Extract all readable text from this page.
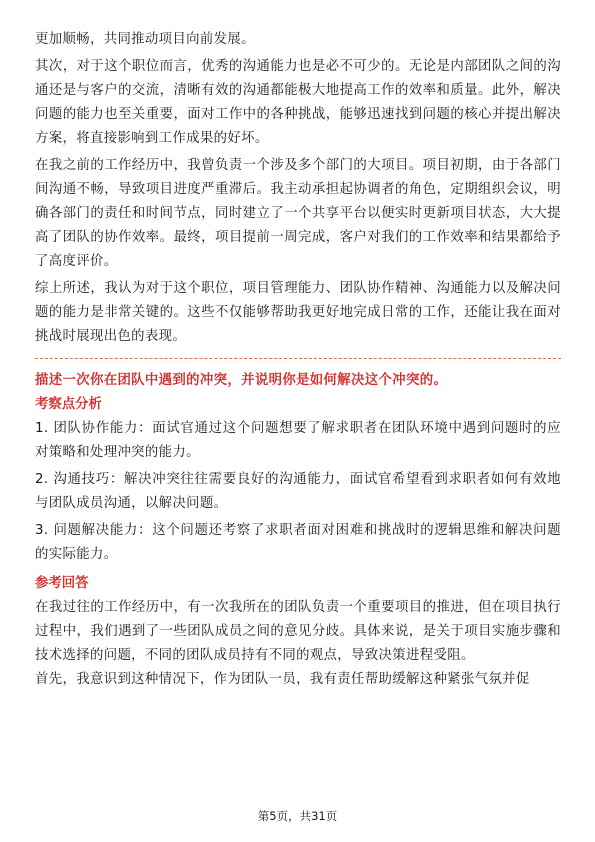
更加顺畅，共同推动项目向前发展。

其次，对于这个职位而言，优秀的沟通能力也是必不可少的。无论是内部团队之间的沟通还是与客户的交流，清晰有效的沟通都能极大地提高工作的效率和质量。此外，解决问题的能力也至关重要，面对工作中的各种挑战，能够迅速找到问题的核心并提出解决方案，将直接影响到工作成果的好坏。

在我之前的工作经历中，我曾负责一个涉及多个部门的大项目。项目初期，由于各部门间沟通不畅，导致项目进度严重滞后。我主动承担起协调者的角色，定期组织会议，明确各部门的责任和时间节点，同时建立了一个共享平台以便实时更新项目状态，大大提高了团队的协作效率。最终，项目提前一周完成，客户对我们的工作效率和结果都给予了高度评价。

综上所述，我认为对于这个职位，项目管理能力、团队协作精神、沟通能力以及解决问题的能力是非常关键的。这些不仅能够帮助我更好地完成日常的工作，还能让我在面对挑战时展现出色的表现。

描述一次你在团队中遇到的冲突，并说明你是如何解决这个冲突的。
考察点分析

1. 团队协作能力：面试官通过这个问题想要了解求职者在团队环境中遇到问题时的应对策略和处理冲突的能力。

2. 沟通技巧：解决冲突往往需要良好的沟通能力，面试官希望看到求职者如何有效地与团队成员沟通，以解决问题。

3. 问题解决能力：这个问题还考察了求职者面对困难和挑战时的逻辑思维和解决问题的实际能力。

参考回答

在我过往的工作经历中，有一次我所在的团队负责一个重要项目的推进，但在项目执行过程中，我们遇到了一些团队成员之间的意见分歧。具体来说，是关于项目实施步骤和技术选择的问题，不同的团队成员持有不同的观点，导致决策进程受阻。

首先，我意识到这种情况下，作为团队一员，我有责任帮助缓解这种紧张气氛并促

第5页，共31页
